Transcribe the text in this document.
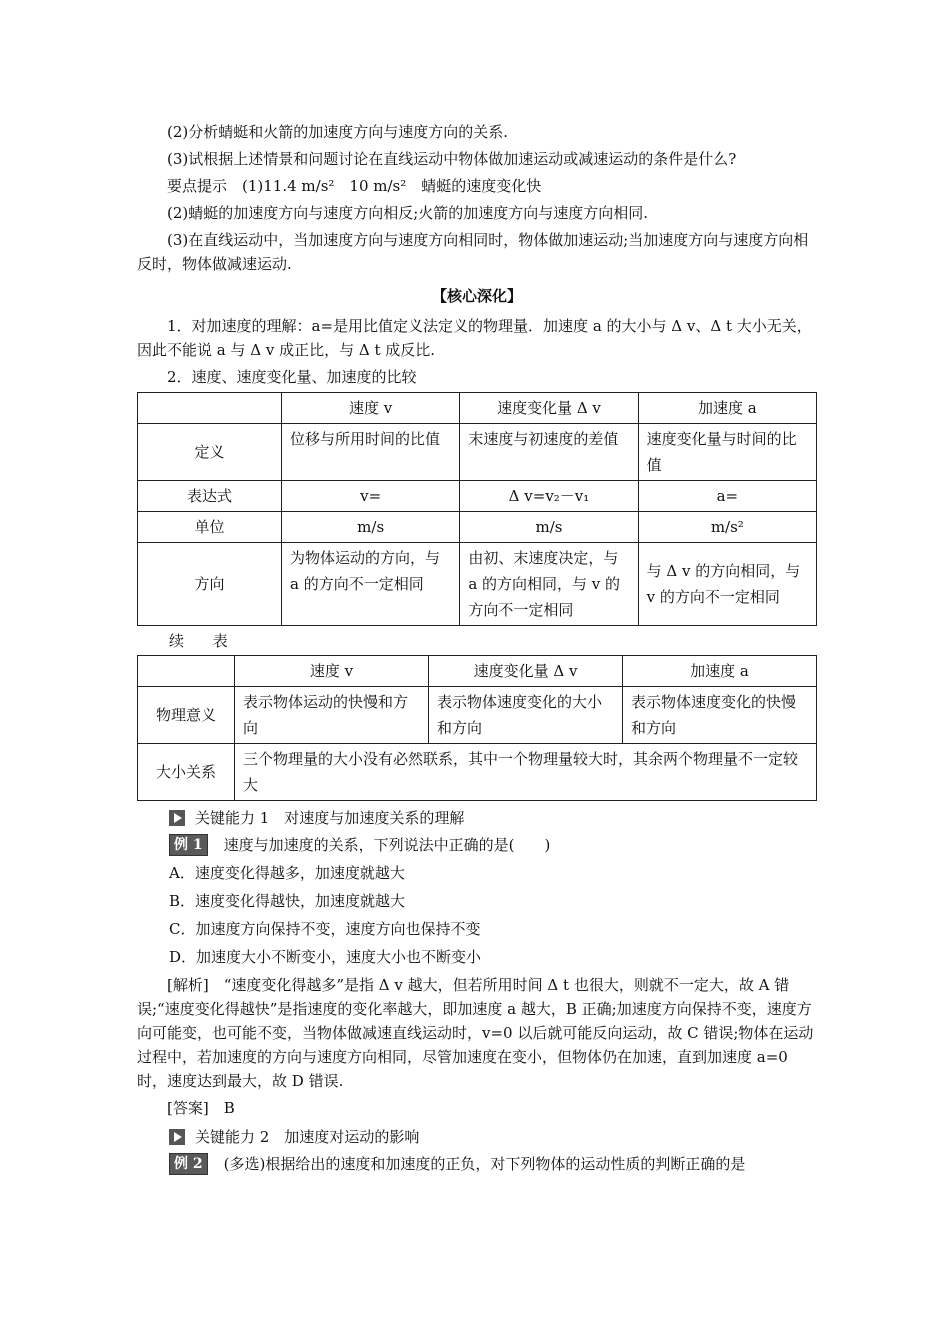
(2)分析蜻蜓和火箭的加速度方向与速度方向的关系.

(3)试根据上述情景和问题讨论在直线运动中物体做加速运动或减速运动的条件是什么?

要点提示　(1)11.4 m/s²　10 m/s²　蜻蜓的速度变化快

(2)蜻蜓的加速度方向与速度方向相反;火箭的加速度方向与速度方向相同.

(3)在直线运动中，当加速度方向与速度方向相同时，物体做加速运动;当加速度方向与速度方向相反时，物体做减速运动.

【核心深化】

1．对加速度的理解：a=是用比值定义法定义的物理量．加速度 a 的大小与 Δ v、Δ t 大小无关，因此不能说 a 与 Δ v 成正比，与 Δ t 成反比.

2．速度、速度变化量、加速度的比较

	速度 v	速度变化量 Δ v	加速度 a
定义	位移与所用时间的比值	末速度与初速度的差值	速度变化量与时间的比值
表达式	v=	Δ v=v₂－v₁	a=
单位	m/s	m/s	m/s²
方向	为物体运动的方向，与 a 的方向不一定相同	由初、末速度决定，与 a 的方向相同，与 v 的方向不一定相同	与 Δ v 的方向相同，与 v 的方向不一定相同
续 表
	速度 v	速度变化量 Δ v	加速度 a
物理意义	表示物体运动的快慢和方向	表示物体速度变化的大小和方向	表示物体速度变化的快慢和方向
大小关系	三个物理量的大小没有必然联系，其中一个物理量较大时，其余两个物理量不一定较大		
关键能力 1　对速度与加速度关系的理解
例 1	速度与加速度的关系，下列说法中正确的是(　　)
A．速度变化得越多，加速度就越大
B．速度变化得越快，加速度就越大
C．加速度方向保持不变，速度方向也保持不变
D．加速度大小不断变小，速度大小也不断变小

[解析]　“速度变化得越多”是指 Δ v 越大，但若所用时间 Δ t 也很大，则就不一定大，故 A 错误;“速度变化得越快”是指速度的变化率越大，即加速度 a 越大，B 正确;加速度方向保持不变，速度方向可能变，也可能不变，当物体做减速直线运动时，v=0 以后就可能反向运动，故 C 错误;物体在运动过程中，若加速度的方向与速度方向相同，尽管加速度在变小，但物体仍在加速，直到加速度 a=0 时，速度达到最大，故 D 错误.

[答案]　B

关键能力 2　加速度对运动的影响
例 2	(多选)根据给出的速度和加速度的正负，对下列物体的运动性质的判断正确的是
